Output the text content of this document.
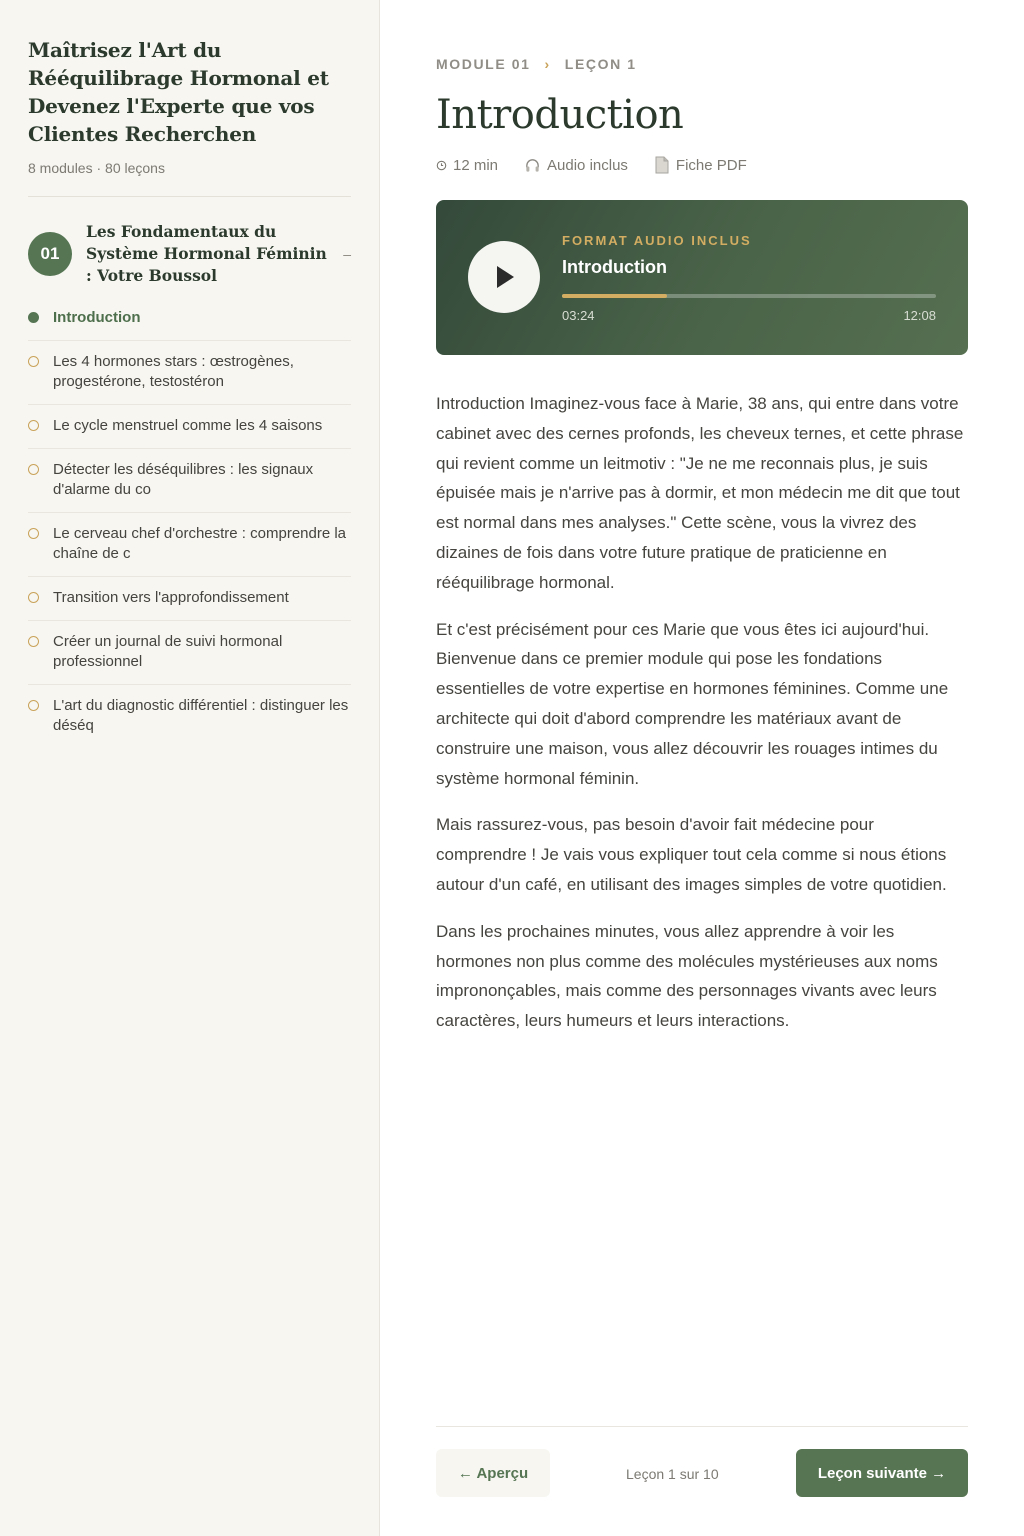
Maîtrisez l'Art du Rééquilibrage Hormonal et Devenez l'Experte que vos Clientes Recherchen
8 modules · 80 leçons
01
Les Fondamentaux du Système Hormonal Féminin : Votre Boussol
–
Introduction
Les 4 hormones stars : œstrogènes, progestérone, testostéron
Le cycle menstruel comme les 4 saisons
Détecter les déséquilibres : les signaux d'alarme du co
Le cerveau chef d'orchestre : comprendre la chaîne de c
Transition vers l'approfondissement
Créer un journal de suivi hormonal professionnel
L'art du diagnostic différentiel : distinguer les déséq
MODULE 01 › LEÇON 1
Introduction
12 min	Audio inclus	Fiche PDF
FORMAT AUDIO INCLUS
Introduction
03:24	12:08

Introduction Imaginez-vous face à Marie, 38 ans, qui entre dans votre cabinet avec des cernes profonds, les cheveux ternes, et cette phrase qui revient comme un leitmotiv : "Je ne me reconnais plus, je suis épuisée mais je n'arrive pas à dormir, et mon médecin me dit que tout est normal dans mes analyses." Cette scène, vous la vivrez des dizaines de fois dans votre future pratique de praticienne en rééquilibrage hormonal.

Et c'est précisément pour ces Marie que vous êtes ici aujourd'hui. Bienvenue dans ce premier module qui pose les fondations essentielles de votre expertise en hormones féminines. Comme une architecte qui doit d'abord comprendre les matériaux avant de construire une maison, vous allez découvrir les rouages intimes du système hormonal féminin.

Mais rassurez-vous, pas besoin d'avoir fait médecine pour comprendre ! Je vais vous expliquer tout cela comme si nous étions autour d'un café, en utilisant des images simples de votre quotidien.

Dans les prochaines minutes, vous allez apprendre à voir les hormones non plus comme des molécules mystérieuses aux noms imprononçables, mais comme des personnages vivants avec leurs caractères, leurs humeurs et leurs interactions.

← Aperçu	Leçon 1 sur 10	Leçon suivante →
